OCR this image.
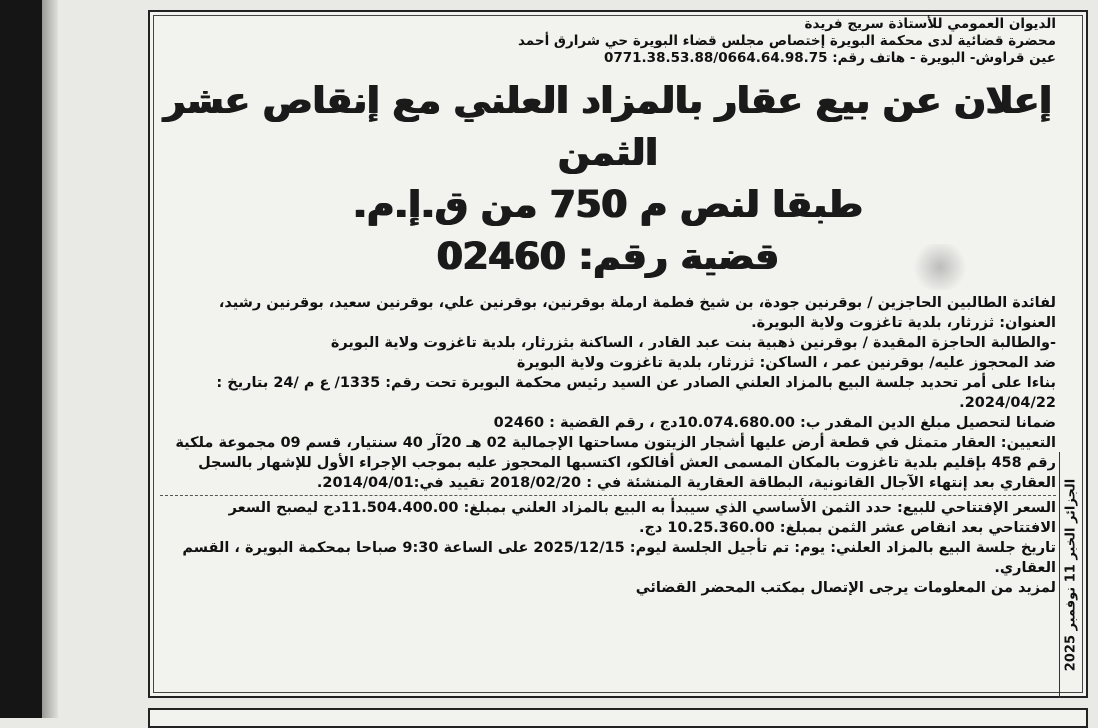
الديوان العمومي للأستاذة سريج فريدة
محضرة قضائية لدى محكمة البويرة إختصاص مجلس قضاء البويرة حي شرارق أحمد
عين قراوش- البويرة - هاتف رقم: 0771.38.53.88/0664.64.98.75
إعلان عن بيع عقار بالمزاد العلني مع إنقاص عشر الثمن
طبقا لنص م 750 من ق.إ.م.
قضية رقم: 02460

لفائدة الطالبين الحاجزين / بوقرنين جودة، بن شيخ فطمة ارملة بوقرنين، بوقرنين علي، بوقرنين سعيد، بوقرنين رشيد،

العنوان: ثزرثار، بلدية تاغزوت ولاية البويرة.

-والطالبة الحاجزة المقيدة / بوقرنين ذهبية بنت عبد القادر ، الساكنة بثزرثار، بلدية تاغزوت ولاية البويرة

ضد المحجوز عليه/ بوقرنين عمر ، الساكن: ثزرثار، بلدية تاغزوت ولاية البويرة

بناءا على أمر تحديد جلسة البيع بالمزاد العلني الصادر عن السيد رئيس محكمة البويرة تحت رقم: 1335/ ع م /24 بتاريخ : 2024/04/22.

ضمانا لتحصيل مبلغ الدين المقدر ب: 10.074.680.00دج ، رقم القضية : 02460

التعيين: العقار متمثل في قطعة أرض عليها أشجار الزيتون مساحتها الإجمالية 02 هـ 20آر 40 سنتيار، قسم 09 مجموعة ملكية رقم 458 بإقليم بلدية تاغزوت بالمكان المسمى العش أفالكو، اكتسبها المحجوز عليه بموجب الإجراء الأول للإشهار بالسجل العقاري بعد إنتهاء الآجال القانونية، البطاقة العقارية المنشئة في : 2018/02/20 تقييد في:2014/04/01.

السعر الإفتتاحي للبيع: حدد الثمن الأساسي الذي سيبدأ به البيع بالمزاد العلني بمبلغ: 11.504.400.00دج ليصبح السعر الافتتاحي بعد انقاص عشر الثمن بمبلغ: 10.25.360.00 دج.

تاريخ جلسة البيع بالمزاد العلني: يوم: تم تأجيل الجلسة ليوم: 2025/12/15 على الساعة 9:30 صباحا بمحكمة البويرة ، القسم العقاري.

لمزيد من المعلومات يرجى الإتصال بمكتب المحضر القضائي

الجزائر الخبر 11 نوفمبر 2025
